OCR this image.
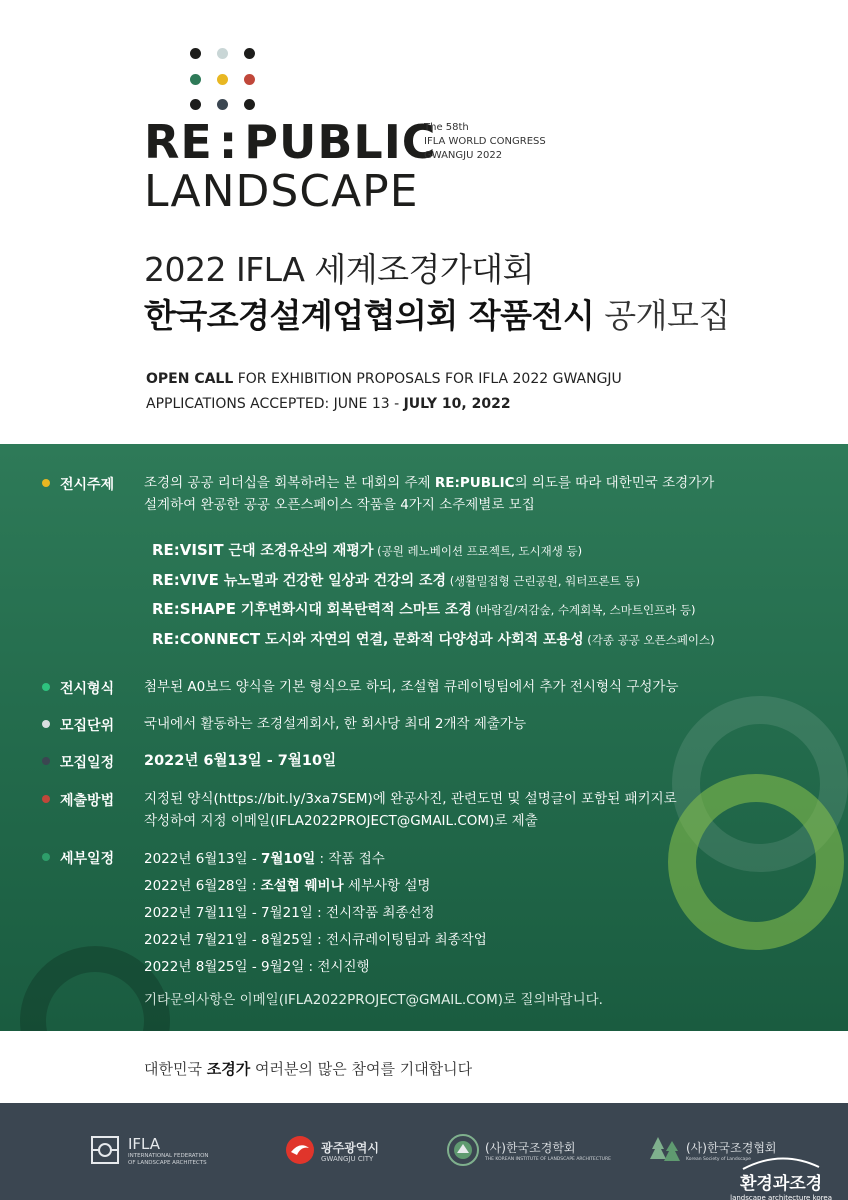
RE : PUBLIC
LANDSCAPE
The 58th
IFLA WORLD CONGRESS
GWANGJU 2022
2022 IFLA 세계조경가대회
한국조경설계업협의회 작품전시 공개모집
OPEN CALL FOR EXHIBITION PROPOSALS FOR IFLA 2022 GWANGJU
APPLICATIONS ACCEPTED: JUNE 13 - JULY 10, 2022
전시주제 조경의 공공 리더십을 회복하려는 본 대회의 주제 RE:PUBLIC의 의도를 따라 대한민국 조경가가
설계하여 완공한 공공 오픈스페이스 작품을 4가지 소주제별로 모집
RE:VISIT 근대 조경유산의 재평가 (공원 레노베이션 프로젝트, 도시재생 등)
RE:VIVE 뉴노멀과 건강한 일상과 건강의 조경 (생활밀접형 근린공원, 워터프론트 등)
RE:SHAPE 기후변화시대 회복탄력적 스마트 조경 (바람길/저감숲, 수계회복, 스마트인프라 등)
RE:CONNECT 도시와 자연의 연결, 문화적 다양성과 사회적 포용성 (각종 공공 오픈스페이스)
전시형식 첨부된 A0보드 양식을 기본 형식으로 하되, 조설협 큐레이팅팀에서 추가 전시형식 구성가능
모집단위 국내에서 활동하는 조경설계회사, 한 회사당 최대 2개작 제출가능
모집일정 2022년 6월13일 - 7월10일
제출방법 지정된 양식(https://bit.ly/3xa7SEM)에 완공사진, 관련도면 및 설명글이 포함된 패키지로
작성하여 지정 이메일(IFLA2022PROJECT@GMAIL.COM)로 제출
세부일정 2022년 6월13일 - 7월10일 : 작품 접수
2022년 6월28일 : 조설협 웨비나 세부사항 설명
2022년 7월11일 - 7월21일 : 전시작품 최종선정
2022년 7월21일 - 8월25일 : 전시큐레이팅팀과 최종작업
2022년 8월25일 - 9월2일 : 전시진행
기타문의사항은 이메일(IFLA2022PROJECT@GMAIL.COM)로 질의바랍니다.
대한민국 조경가 여러분의 많은 참여를 기대합니다
IFLA
INTERNATIONAL FEDERATION
OF LANDSCAPE ARCHITECTS
광주광역시
GWANGJU CITY
(사)한국조경학회
THE KOREAN INSTITUTE OF LANDSCAPE ARCHITECTURE
(사)한국조경협회
Korean Society of Landscape
환경과조경
landscape architecture korea
